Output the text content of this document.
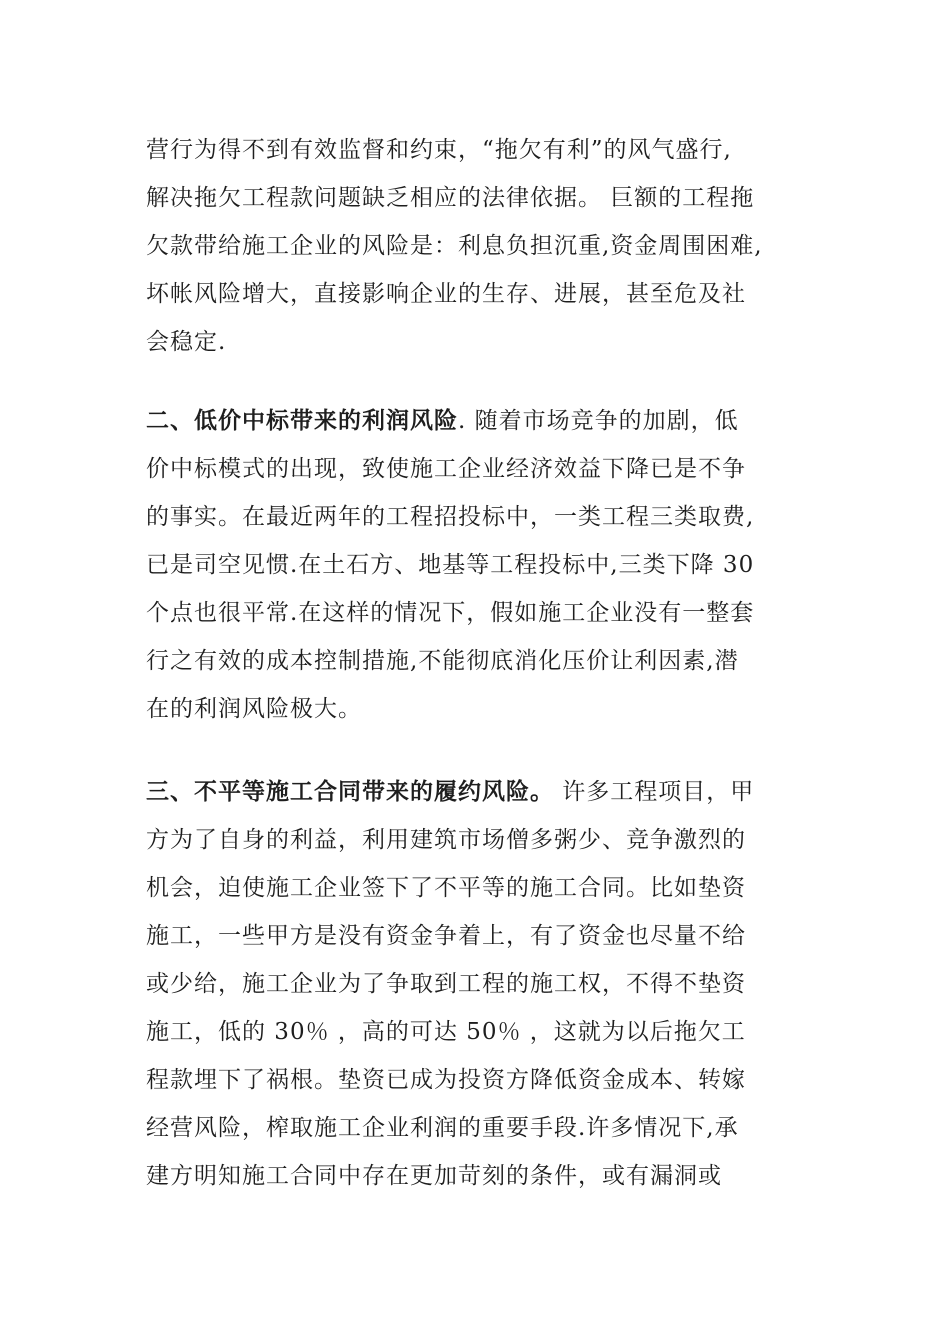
营行为得不到有效监督和约束，“拖欠有利”的风气盛行,
解决拖欠工程款问题缺乏相应的法律依据。 巨额的工程拖
欠款带给施工企业的风险是：利息负担沉重,资金周围困难,
坏帐风险增大，直接影响企业的生存、进展，甚至危及社
会稳定.
二、低价中标带来的利润风险. 随着市场竞争的加剧，低
价中标模式的出现，致使施工企业经济效益下降已是不争
的事实。在最近两年的工程招投标中，一类工程三类取费,
已是司空见惯.在土石方、地基等工程投标中,三类下降 30
个点也很平常.在这样的情况下，假如施工企业没有一整套
行之有效的成本控制措施,不能彻底消化压价让利因素,潜
在的利润风险极大。
三、不平等施工合同带来的履约风险。 许多工程项目，甲
方为了自身的利益，利用建筑市场僧多粥少、竞争激烈的
机会，迫使施工企业签下了不平等的施工合同。比如垫资
施工，一些甲方是没有资金争着上，有了资金也尽量不给
或少给，施工企业为了争取到工程的施工权，不得不垫资
施工，低的 30％ ，高的可达 50％ ，这就为以后拖欠工
程款埋下了祸根。垫资已成为投资方降低资金成本、转嫁
经营风险，榨取施工企业利润的重要手段.许多情况下,承
建方明知施工合同中存在更加苛刻的条件，或有漏洞或
